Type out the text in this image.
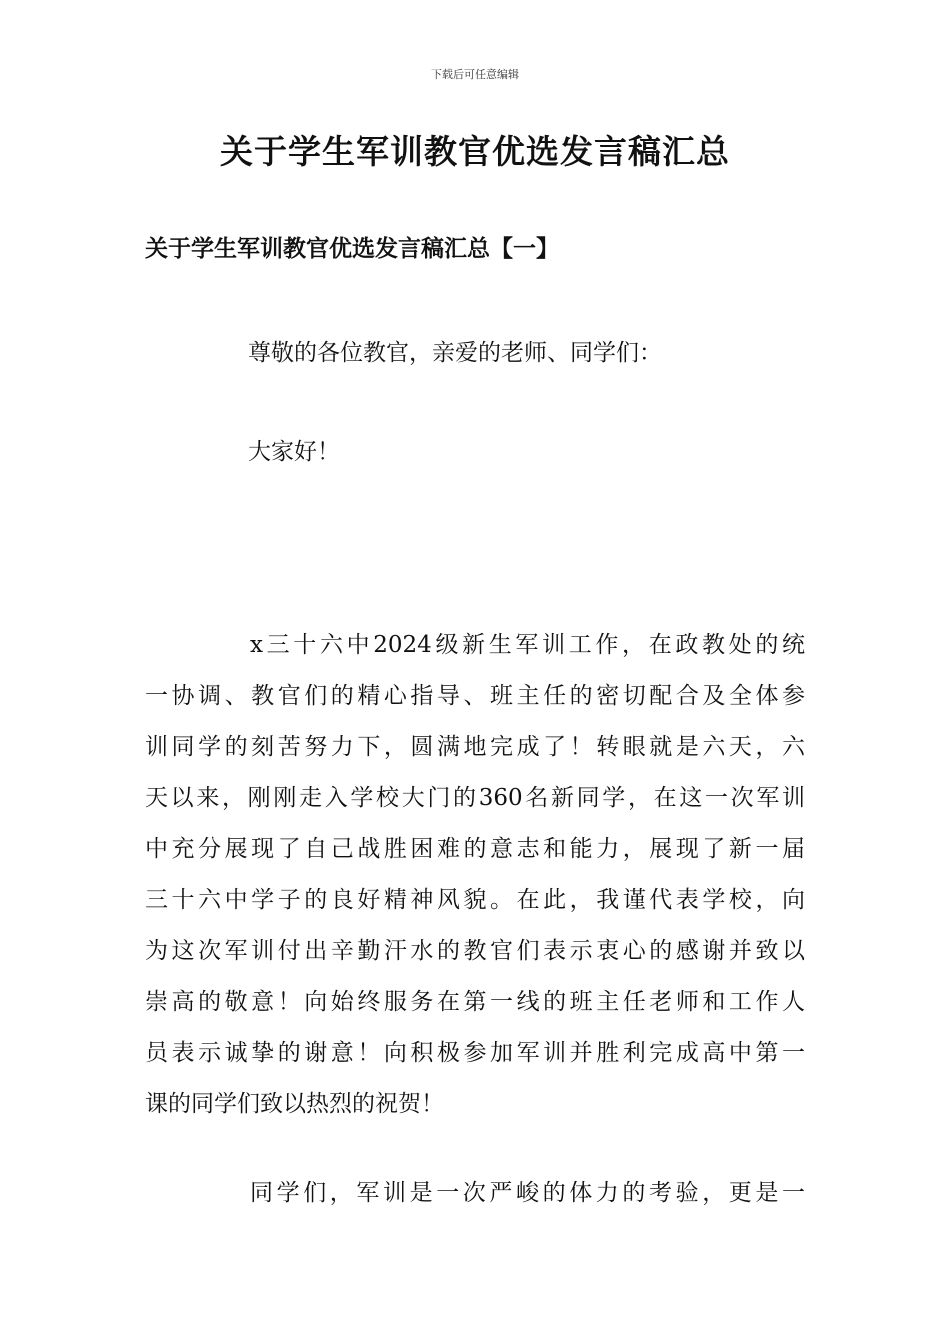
下载后可任意编辑
关于学生军训教官优选发言稿汇总
关于学生军训教官优选发言稿汇总【一】

尊敬的各位教官，亲爱的老师、同学们：

大家好！

x三十六中2024级新生军训工作，在政教处的统
一协调、教官们的精心指导、班主任的密切配合及全体参
训同学的刻苦努力下，圆满地完成了！转眼就是六天，六
天以来，刚刚走入学校大门的360名新同学，在这一次军训
中充分展现了自己战胜困难的意志和能力，展现了新一届
三十六中学子的良好精神风貌。在此，我谨代表学校，向
为这次军训付出辛勤汗水的教官们表示衷心的感谢并致以
崇高的敬意！向始终服务在第一线的班主任老师和工作人
员表示诚挚的谢意！向积极参加军训并胜利完成高中第一
课的同学们致以热烈的祝贺！
同学们，军训是一次严峻的体力的考验，更是一
